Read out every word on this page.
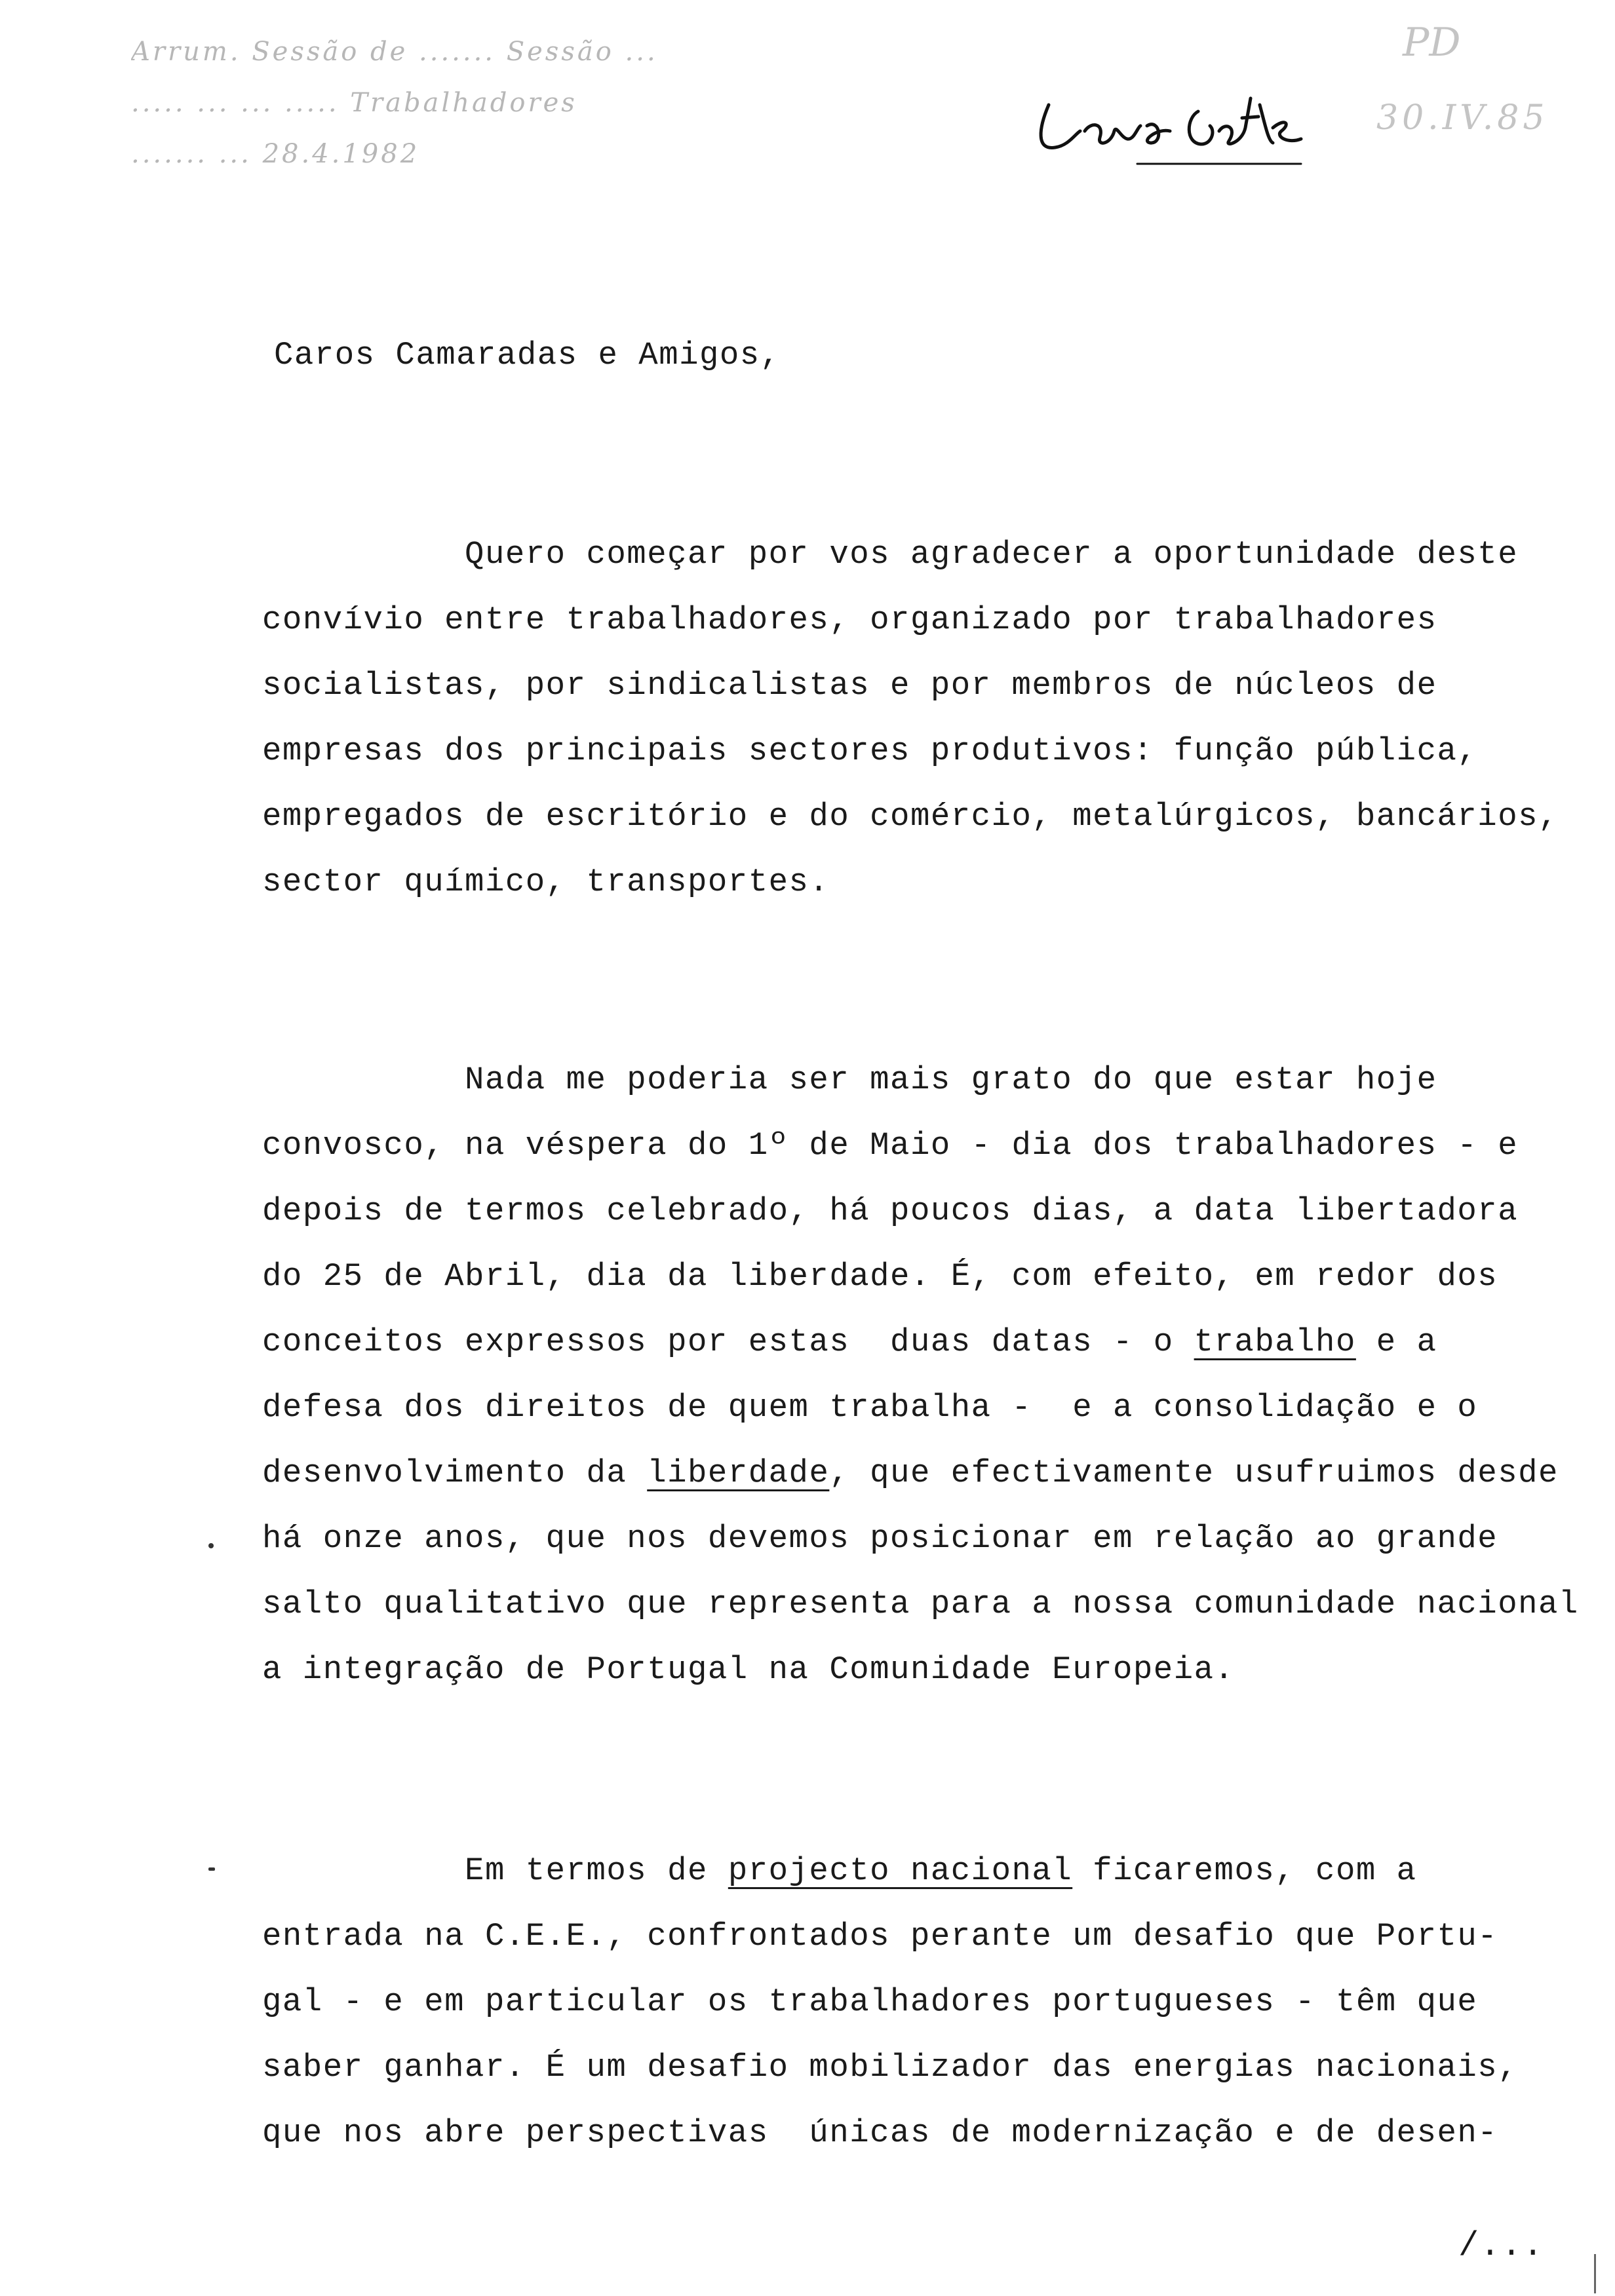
Arrum. Sessão de ....... Sessão ...
..... ... ... ..... Trabalhadores
....... ... 28.4.1982
PD
30.IV.85
Caros Camaradas e Amigos,
Quero começar por vos agradecer a oportunidade deste
convívio entre trabalhadores, organizado por trabalhadores
socialistas, por sindicalistas e por membros de núcleos de
empresas dos principais sectores produtivos: função pública,
empregados de escritório e do comércio, metalúrgicos, bancários,
sector químico, transportes.
Nada me poderia ser mais grato do que estar hoje
convosco, na véspera do 1º de Maio - dia dos trabalhadores - e
depois de termos celebrado, há poucos dias, a data libertadora
do 25 de Abril, dia da liberdade. É, com efeito, em redor dos
conceitos expressos por estas  duas datas - o trabalho e a
defesa dos direitos de quem trabalha -  e a consolidação e o
desenvolvimento da liberdade, que efectivamente usufruimos desde
há onze anos, que nos devemos posicionar em relação ao grande
salto qualitativo que representa para a nossa comunidade nacional
a integração de Portugal na Comunidade Europeia.
Em termos de projecto nacional ficaremos, com a
entrada na C.E.E., confrontados perante um desafio que Portu-
gal - e em particular os trabalhadores portugueses - têm que
saber ganhar. É um desafio mobilizador das energias nacionais,
que nos abre perspectivas  únicas de modernização e de desen-
/...
